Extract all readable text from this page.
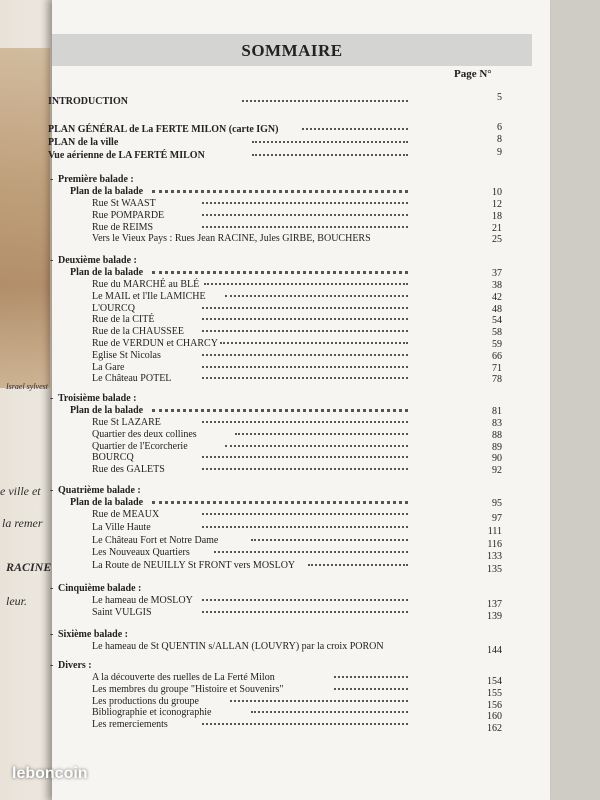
Israel sylvest
e ville et
la remer
RACINE
leur.
SOMMAIRE
Page N°
INTRODUCTION	5
PLAN GÉNÉRAL de La FERTE MILON (carte IGN)	6
PLAN de la ville	8
Vue aérienne de LA FERTÉ MILON	9
- Première balade :
Plan de la balade	10
Rue St WAAST	12
Rue POMPARDE	18
Rue de REIMS	21
Vers le Vieux Pays : Rues Jean RACINE, Jules GIRBE, BOUCHERS	25
- Deuxième balade :
Plan de la balade	37
Rue du MARCHÉ au BLÉ	38
Le MAIL et l'Ile LAMICHE	42
L'OURCQ	48
Rue de la CITÉ	54
Rue de la CHAUSSEE	58
Rue de VERDUN et CHARCY	59
Eglise St Nicolas	66
La Gare	71
Le Château POTEL	78
- Troisième balade :
Plan de la balade	81
Rue St LAZARE	83
Quartier des deux collines	88
Quartier de l'Ecorcherie	89
BOURCQ	90
Rue des GALETS	92
- Quatrième balade :
Plan de la balade	95
Rue de MEAUX	97
La Ville Haute	111
Le Château Fort et Notre Dame	116
Les Nouveaux Quartiers	133
La Route de NEUILLY St FRONT vers MOSLOY	135
- Cinquième balade :
Le hameau de MOSLOY	137
Saint VULGIS	139
- Sixième balade :
Le hameau de St QUENTIN s/ALLAN (LOUVRY) par la croix PORON	144
- Divers :
A la découverte des ruelles de La Ferté Milon	154
Les membres du groupe "Histoire et Souvenirs"	155
Les productions du groupe	156
Bibliographie et iconographie	160
Les remerciements	162
leboncoin
